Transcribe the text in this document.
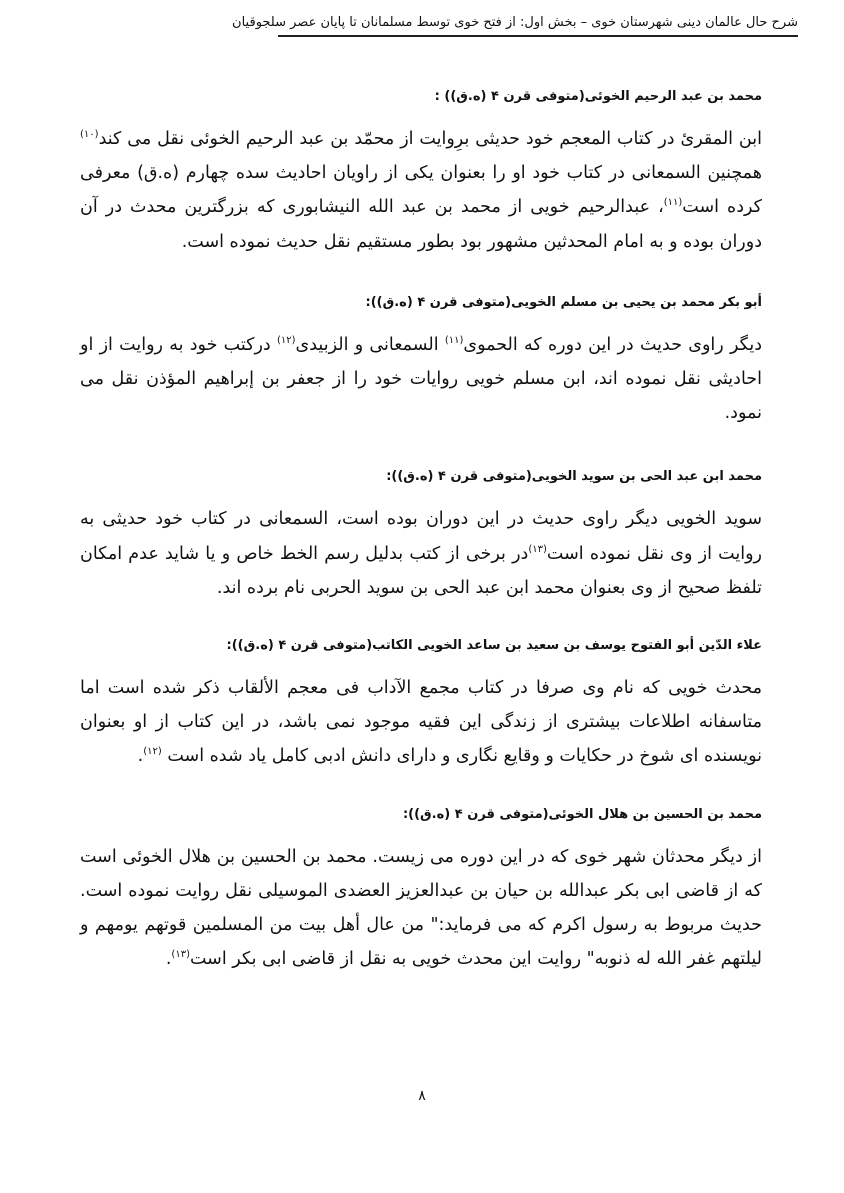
شرح حال عالمان دینی شهرستان خوی – بخش اول: از فتح خوی توسط مسلمانان تا پایان عصر سلجوقیان
محمد بن عبد الرحیم الخوئی(متوفی قرن ۴ (ه.ق)) :

ابن المقرئ در کتاب المعجم خود حدیثی برِوایت از محمّد بن عبد الرحیم الخوئی نقل می کند$^{(۱۰)}$ همچنین السمعانی در کتاب خود او را بعنوان یکی از راویان احادیث سده چهارم (ه.ق) معرفی کرده است$^{(۱۱)}$، عبدالرحیم خویی از محمد بن عبد الله النیشابوری که بزرگترین محدث در آن دوران بوده و به امام المحدثین مشهور بود بطور مستقیم نقل حدیث نموده است.

أبو بکر محمد بن یحیی بن مسلم الخویی(متوفی قرن ۴ (ه.ق)):

دیگر راوی حدیث در این دوره که الحموی$^{(۱۱)}$ السمعانی و الزبیدی$^{(۱۲)}$ درکتب خود به روایت از او احادیثی نقل نموده اند، ابن مسلم خویی روایات خود را از جعفر بن إبراهیم المؤذن نقل می نمود.

محمد ابن عبد الحی بن سوید الخویی(متوفی قرن ۴ (ه.ق)):

سوید الخویی دیگر راوی حدیث در این دوران بوده است، السمعانی در کتاب خود حدیثی به روایت از وی نقل نموده است$^{(۱۳)}$در برخی از کتب بدلیل رسم الخط خاص و یا شاید عدم امکان تلفظ صحیح از وی بعنوان محمد ابن عبد الحی بن سوید الحربی نام برده اند.

علاء الدّین أبو الفتوح یوسف بن سعید بن ساعد الخویی الکاتب(متوفی قرن ۴ (ه.ق)):

محدث خویی که نام وی صرفا در کتاب مجمع الآداب فی معجم الألقاب ذکر شده است اما متاسفانه اطلاعات بیشتری از زندگی این فقیه موجود نمی باشد، در این کتاب از او بعنوان نویسنده ای شوخ در حکایات و وقایع نگاری و دارای دانش ادبی کامل یاد شده است $^{(۱۲)}$.

محمد بن الحسین بن هلال الخوئی(متوفی قرن ۴ (ه.ق)):

از دیگر محدثان شهر خوی که در این دوره می زیست. محمد بن الحسین بن هلال الخوئی است که از قاضی ابی بکر عبدالله بن حیان بن عبدالعزیز العضدی الموسیلی نقل روایت نموده است. حدیث مربوط به رسول اکرم که می فرماید:" من عال أهل بیت من المسلمین قوتهم یومهم و لیلتهم غفر الله له ذنوبه" روایت این محدث خویی به نقل از قاضی ابی بکر است$^{(۱۳)}$.

۸
